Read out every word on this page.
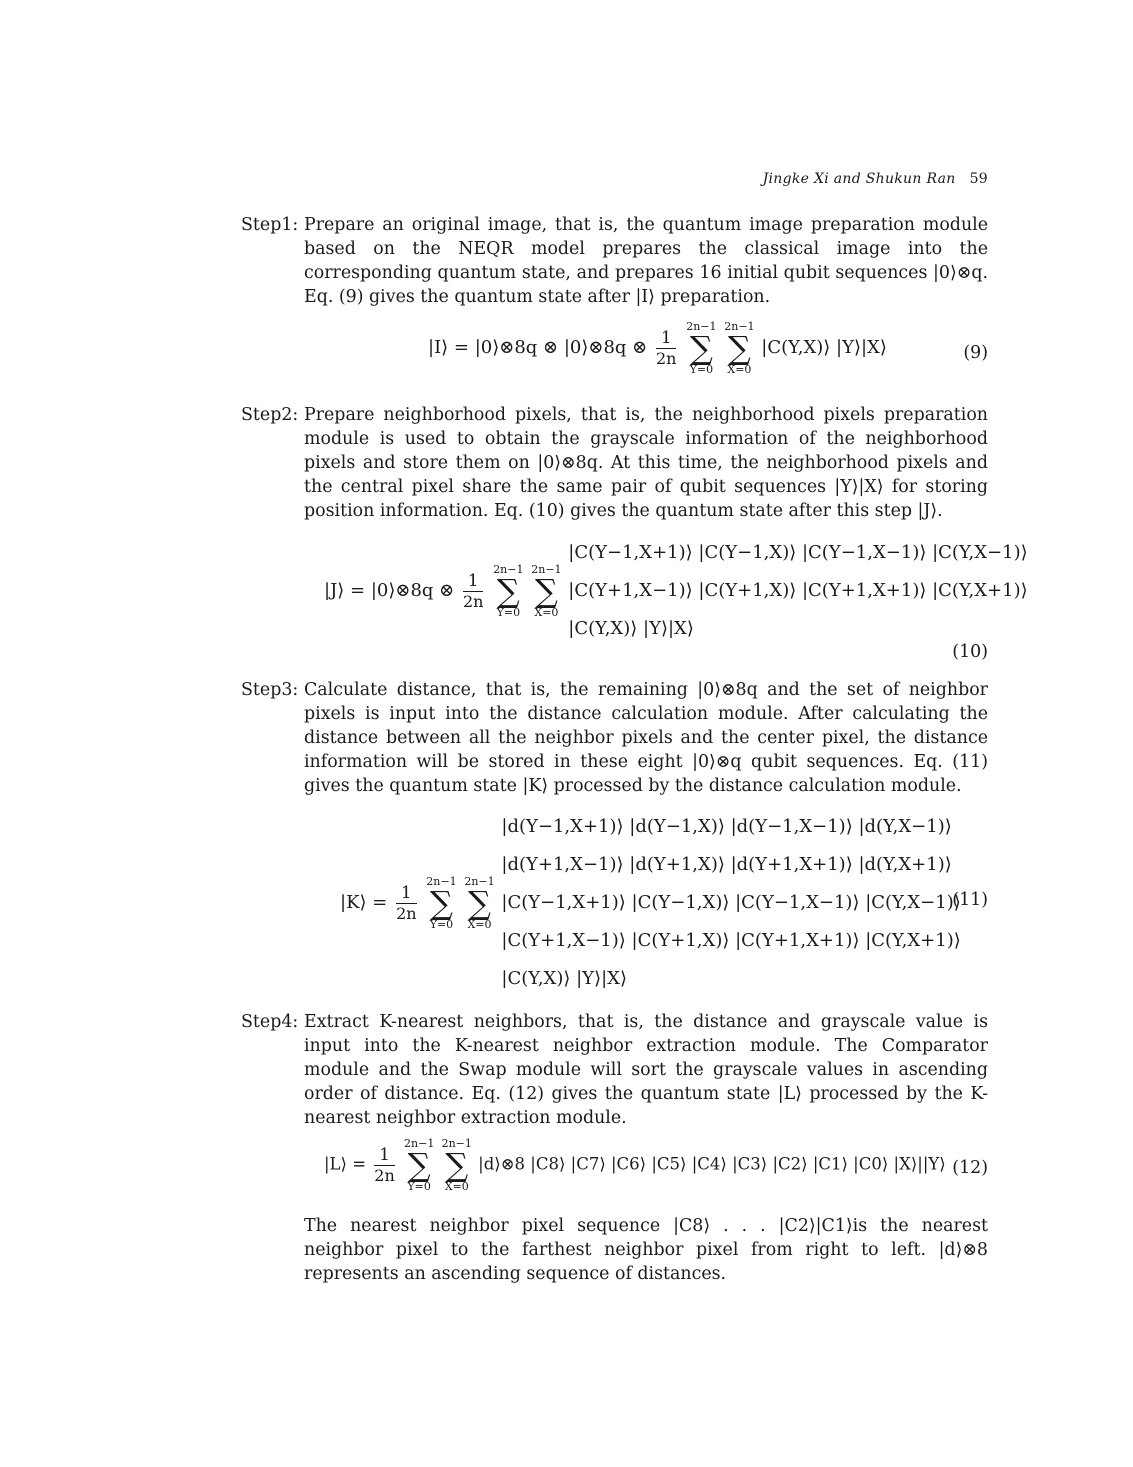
Jingke Xi and Shukun Ran 59
Step1: Prepare an original image, that is, the quantum image preparation module based on the NEQR model prepares the classical image into the corresponding quantum state, and prepares 16 initial qubit sequences |0⟩⊗q. Eq. (9) gives the quantum state after |I⟩ preparation.
|I⟩ = |0⟩⊗8q ⊗ |0⟩⊗8q ⊗ $\frac{1}{2n}$

2n−1
∑
Y=0

2n−1
∑
X=0
|C(Y,X)⟩ |Y⟩|X⟩	(9)
Step2: Prepare neighborhood pixels, that is, the neighborhood pixels preparation module is used to obtain the grayscale information of the neighborhood pixels and store them on |0⟩⊗8q. At this time, the neighborhood pixels and the central pixel share the same pair of qubit sequences |Y⟩|X⟩ for storing position information. Eq. (10) gives the quantum state after this step |J⟩.
|J⟩ = |0⟩⊗8q ⊗ $\frac{1}{2n}$

2n−1
∑
Y=0

2n−1
∑
X=0

|C(Y−1,X+1)⟩ |C(Y−1,X)⟩ |C(Y−1,X−1)⟩ |C(Y,X−1)⟩
|C(Y+1,X−1)⟩ |C(Y+1,X)⟩ |C(Y+1,X+1)⟩ |C(Y,X+1)⟩
|C(Y,X)⟩ |Y⟩|X⟩
(10)
Step3: Calculate distance, that is, the remaining |0⟩⊗8q and the set of neighbor pixels is input into the distance calculation module. After calculating the distance between all the neighbor pixels and the center pixel, the distance information will be stored in these eight |0⟩⊗q qubit sequences. Eq. (11) gives the quantum state |K⟩ processed by the distance calculation module.
|K⟩ = $\frac{1}{2n}$

2n−1
∑
Y=0

2n−1
∑
X=0

|d(Y−1,X+1)⟩ |d(Y−1,X)⟩ |d(Y−1,X−1)⟩ |d(Y,X−1)⟩
|d(Y+1,X−1)⟩ |d(Y+1,X)⟩ |d(Y+1,X+1)⟩ |d(Y,X+1)⟩
|C(Y−1,X+1)⟩ |C(Y−1,X)⟩ |C(Y−1,X−1)⟩ |C(Y,X−1)⟩
|C(Y+1,X−1)⟩ |C(Y+1,X)⟩ |C(Y+1,X+1)⟩ |C(Y,X+1)⟩
|C(Y,X)⟩ |Y⟩|X⟩
(11)
Step4: Extract K-nearest neighbors, that is, the distance and grayscale value is input into the K-nearest neighbor extraction module. The Comparator module and the Swap module will sort the grayscale values in ascending order of distance. Eq. (12) gives the quantum state |L⟩ processed by the K-nearest neighbor extraction module.
|L⟩ = $\frac{1}{2n}$

2n−1
∑
Y=0

2n−1
∑
X=0
|d⟩⊗8 |C8⟩ |C7⟩ |C6⟩ |C5⟩ |C4⟩ |C3⟩ |C2⟩ |C1⟩ |C0⟩ |X⟩||Y⟩ (12)
The nearest neighbor pixel sequence |C8⟩ . . . |C2⟩|C1⟩is the nearest neighbor pixel to the farthest neighbor pixel from right to left. |d⟩⊗8 represents an ascending sequence of distances.
